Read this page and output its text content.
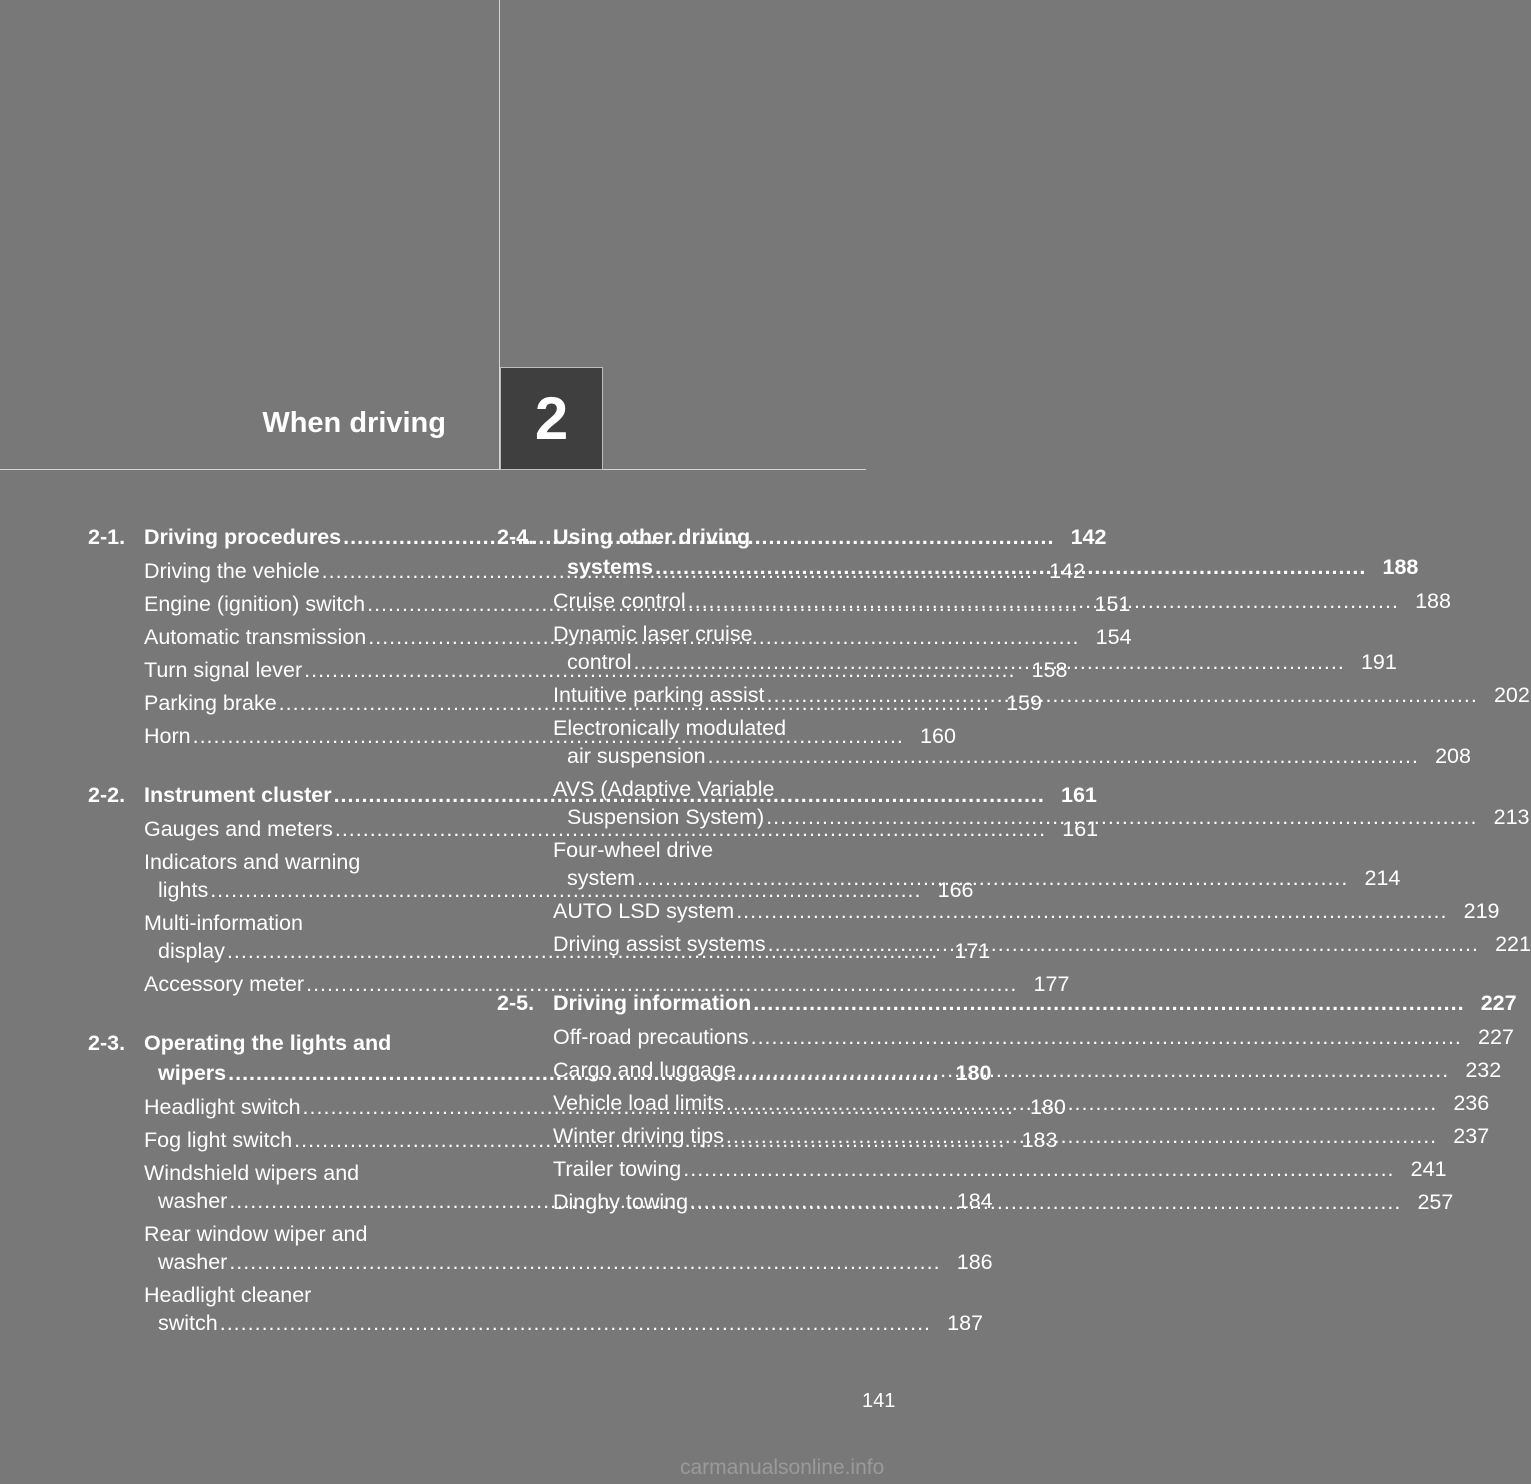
When driving 2
2-1. Driving procedures .....	142
Driving the vehicle .....	142
Engine (ignition) switch .....	151
Automatic transmission .....	154
Turn signal lever .....	158
Parking brake .....	159
Horn .....	160
2-2. Instrument cluster .....	161
Gauges and meters .....	161
Indicators and warning
lights .....	166
Multi-information
display .....	171
Accessory meter .....	177
2-3. Operating the lights and
wipers .....	180
Headlight switch .....	180
Fog light switch .....	183
Windshield wipers and
washer .....	184
Rear window wiper and
washer .....	186
Headlight cleaner
switch .....	187
2-4. Using other driving
systems .....	188
Cruise control .....	188
Dynamic laser cruise
control .....	191
Intuitive parking assist .....	202
Electronically modulated
air suspension .....	208
AVS (Adaptive Variable
Suspension System) .....	213
Four-wheel drive
system .....	214
AUTO LSD system .....	219
Driving assist systems .....	221
2-5. Driving information .....	227
Off-road precautions .....	227
Cargo and luggage .....	232
Vehicle load limits .....	236
Winter driving tips .....	237
Trailer towing .....	241
Dinghy towing .....	257
141
carmanualsonline.info
